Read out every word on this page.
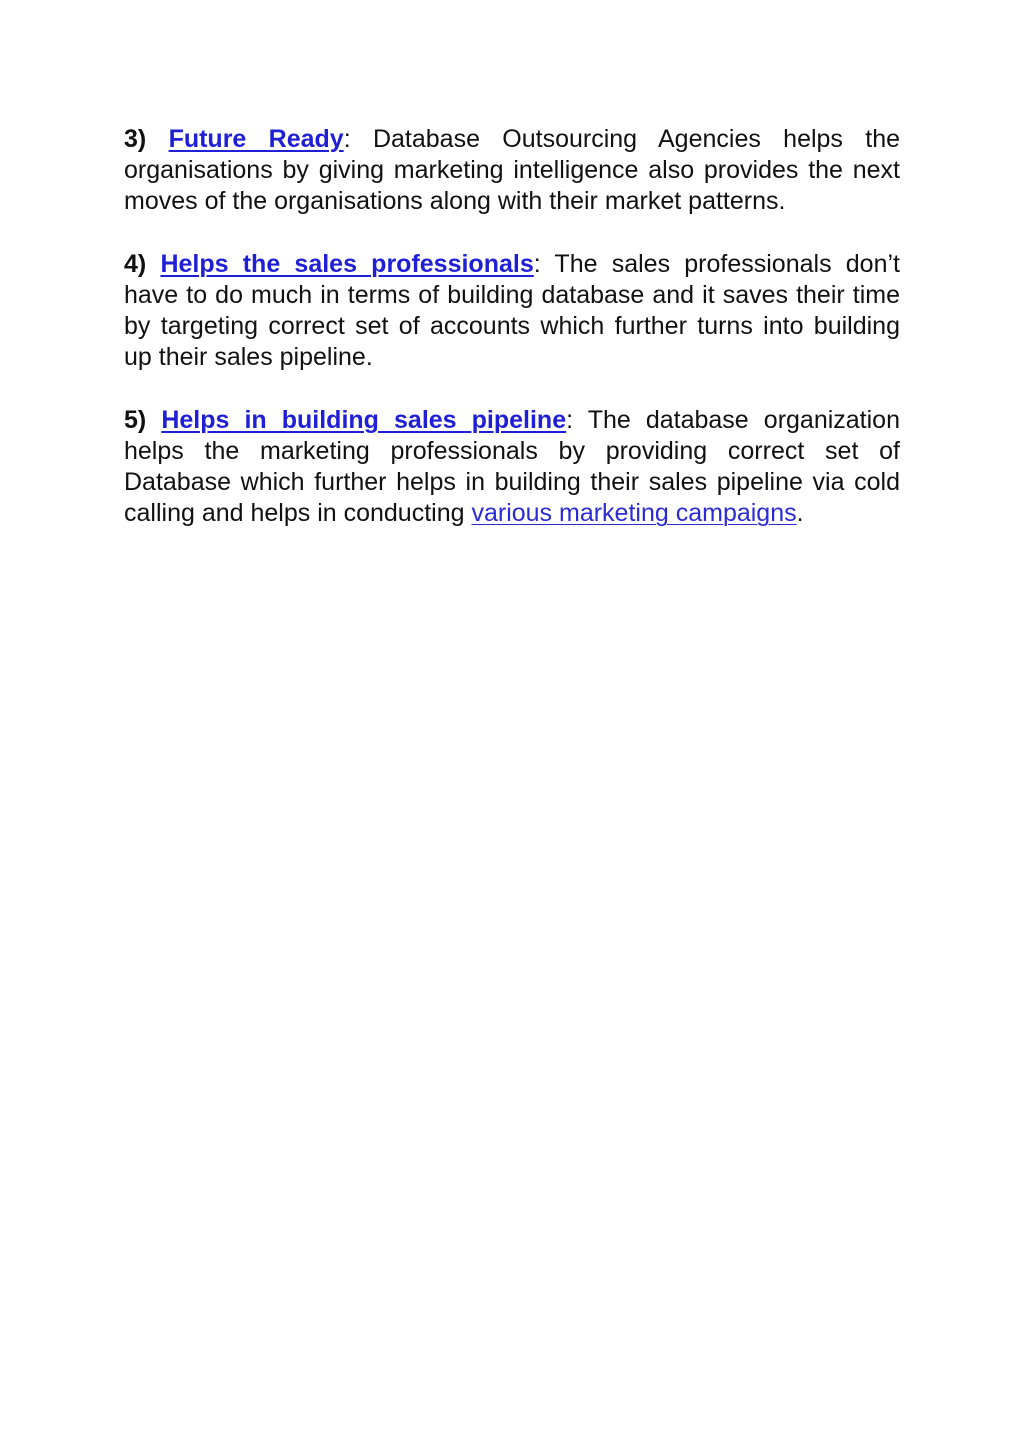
3) Future Ready: Database Outsourcing Agencies helps the organisations by giving marketing intelligence also provides the next moves of the organisations along with their market patterns.

4) Helps the sales professionals: The sales professionals don’t have to do much in terms of building database and it saves their time by targeting correct set of accounts which further turns into building up their sales pipeline.

5) Helps in building sales pipeline: The database organization helps the marketing professionals by providing correct set of Database which further helps in building their sales pipeline via cold calling and helps in conducting various marketing campaigns.
